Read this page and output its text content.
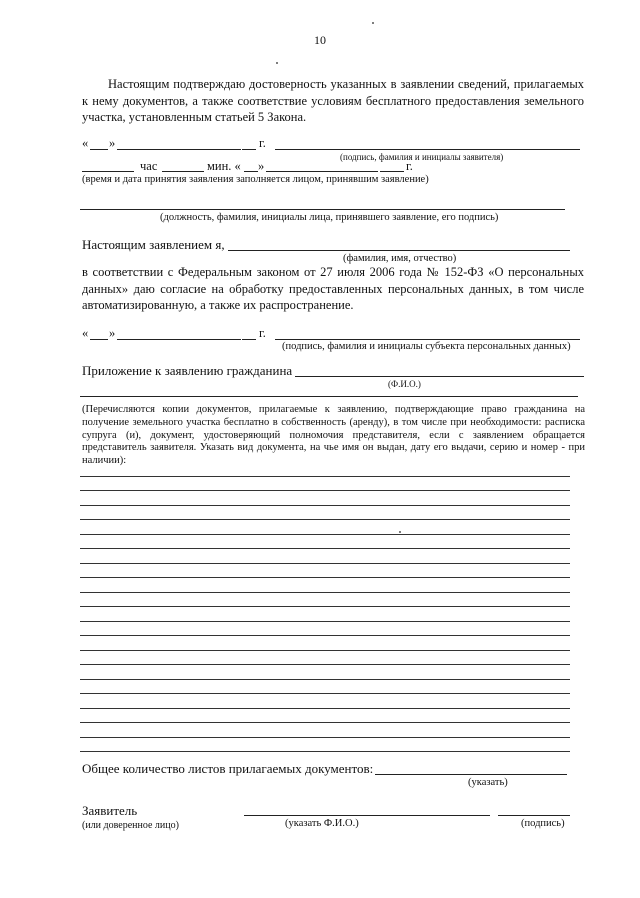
10
Настоящим подтверждаю достоверность указанных в заявлении сведений, прилагаемых к нему документов, а также соответствие условиям бесплатного предоставления земельного участка, установленным статьей 5 Закона.
« »	г.
(подпись, фамилия и инициалы заявителя)
час	мин. « »	г.
(время и дата принятия заявления заполняется лицом, принявшим заявление)
(должность, фамилия, инициалы лица, принявшего заявление, его подпись)
Настоящим заявлением я,
(фамилия, имя, отчество)
в соответствии с Федеральным законом от 27 июля 2006 года № 152-ФЗ «О персональных данных» даю согласие на обработку предоставленных персональных данных, в том числе автоматизированную, а также их распространение.
« »	г.
(подпись, фамилия и инициалы субъекта персональных данных)
Приложение к заявлению гражданина
(Ф.И.О.)
(Перечисляются копии документов, прилагаемые к заявлению, подтверждающие право гражданина на получение земельного участка бесплатно в собственность (аренду), в том числе при необходимости: расписка супруга (и), документ, удостоверяющий полномочия представителя, если с заявлением обращается представитель заявителя. Указать вид документа, на чье имя он выдан, дату его выдачи, серию и номер - при наличии):
Общее количество листов прилагаемых документов:
(указать)
Заявитель
(или доверенное лицо)	(указать Ф.И.О.)	(подпись)
